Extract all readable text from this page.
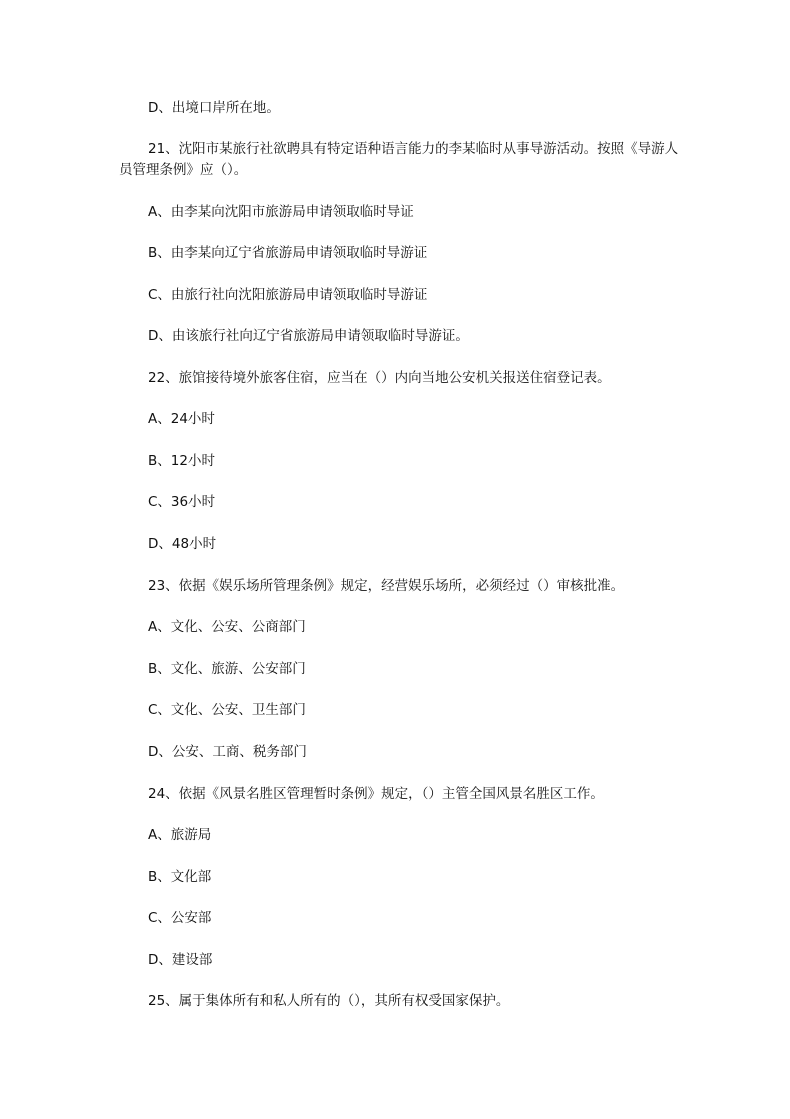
D、出境口岸所在地。
21、沈阳市某旅行社欲聘具有特定语种语言能力的李某临时从事导游活动。按照《导游人员管理条例》应（）。
A、由李某向沈阳市旅游局申请领取临时导证
B、由李某向辽宁省旅游局申请领取临时导游证
C、由旅行社向沈阳旅游局申请领取临时导游证
D、由该旅行社向辽宁省旅游局申请领取临时导游证。
22、旅馆接待境外旅客住宿，应当在（）内向当地公安机关报送住宿登记表。
A、24小时
B、12小时
C、36小时
D、48小时
23、依据《娱乐场所管理条例》规定，经营娱乐场所，必须经过（）审核批准。
A、文化、公安、公商部门
B、文化、旅游、公安部门
C、文化、公安、卫生部门
D、公安、工商、税务部门
24、依据《风景名胜区管理暂时条例》规定，（）主管全国风景名胜区工作。
A、旅游局
B、文化部
C、公安部
D、建设部
25、属于集体所有和私人所有的（），其所有权受国家保护。
